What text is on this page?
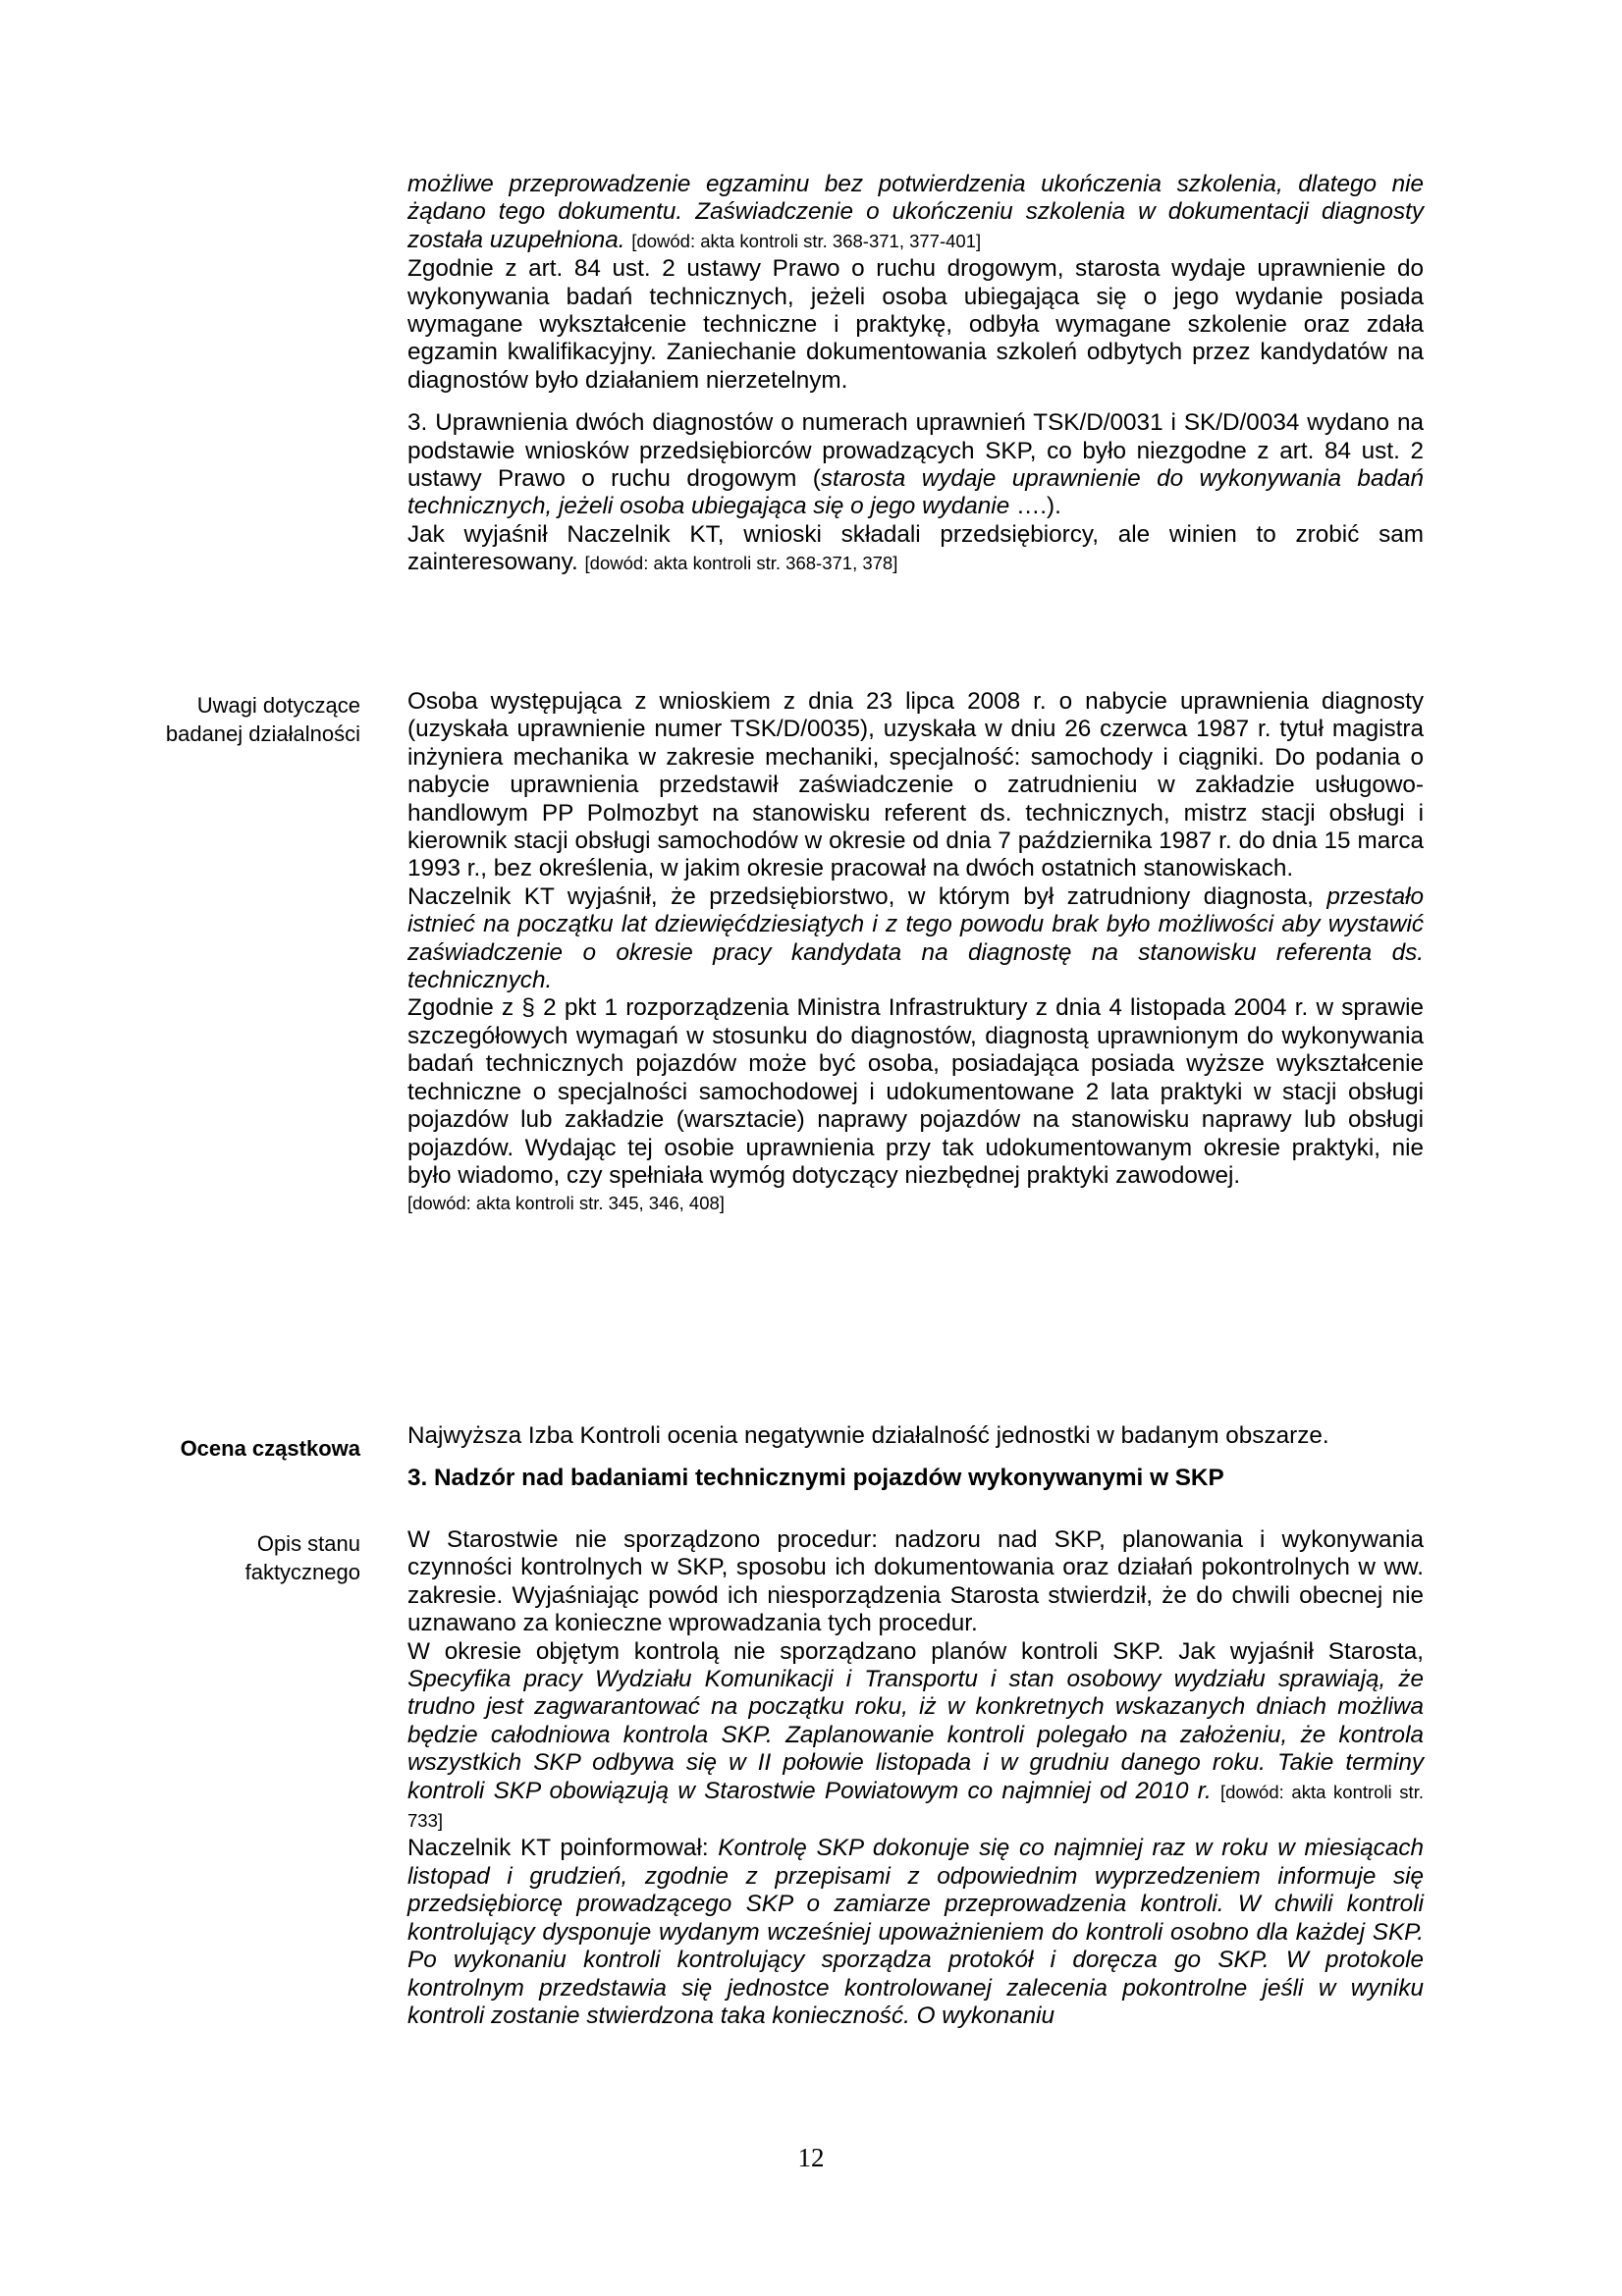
możliwe przeprowadzenie egzaminu bez potwierdzenia ukończenia szkolenia, dlatego nie żądano tego dokumentu. Zaświadczenie o ukończeniu szkolenia w dokumentacji diagnosty została uzupełniona. [dowód: akta kontroli str. 368-371, 377-401]

Zgodnie z art. 84 ust. 2 ustawy Prawo o ruchu drogowym, starosta wydaje uprawnienie do wykonywania badań technicznych, jeżeli osoba ubiegająca się o jego wydanie posiada wymagane wykształcenie techniczne i praktykę, odbyła wymagane szkolenie oraz zdała egzamin kwalifikacyjny. Zaniechanie dokumentowania szkoleń odbytych przez kandydatów na diagnostów było działaniem nierzetelnym.

3. Uprawnienia dwóch diagnostów o numerach uprawnień TSK/D/0031 i SK/D/0034 wydano na podstawie wniosków przedsiębiorców prowadzących SKP, co było niezgodne z art. 84 ust. 2 ustawy Prawo o ruchu drogowym (starosta wydaje uprawnienie do wykonywania badań technicznych, jeżeli osoba ubiegająca się o jego wydanie ….).

Jak wyjaśnił Naczelnik KT, wnioski składali przedsiębiorcy, ale winien to zrobić sam zainteresowany. [dowód: akta kontroli str. 368-371, 378]

Uwagi dotyczące
badanej działalności

Osoba występująca z wnioskiem z dnia 23 lipca 2008 r. o nabycie uprawnienia diagnosty (uzyskała uprawnienie numer TSK/D/0035), uzyskała w dniu 26 czerwca 1987 r. tytuł magistra inżyniera mechanika w zakresie mechaniki, specjalność: samochody i ciągniki. Do podania o nabycie uprawnienia przedstawił zaświadczenie o zatrudnieniu w zakładzie usługowo-handlowym PP Polmozbyt na stanowisku referent ds. technicznych, mistrz stacji obsługi i kierownik stacji obsługi samochodów w okresie od dnia 7 października 1987 r. do dnia 15 marca 1993 r., bez określenia, w jakim okresie pracował na dwóch ostatnich stanowiskach.

Naczelnik KT wyjaśnił, że przedsiębiorstwo, w którym był zatrudniony diagnosta, przestało istnieć na początku lat dziewięćdziesiątych i z tego powodu brak było możliwości aby wystawić zaświadczenie o okresie pracy kandydata na diagnostę na stanowisku referenta ds. technicznych.

Zgodnie z § 2 pkt 1 rozporządzenia Ministra Infrastruktury z dnia 4 listopada 2004 r. w sprawie szczegółowych wymagań w stosunku do diagnostów, diagnostą uprawnionym do wykonywania badań technicznych pojazdów może być osoba, posiadająca posiada wyższe wykształcenie techniczne o specjalności samochodowej i udokumentowane 2 lata praktyki w stacji obsługi pojazdów lub zakładzie (warsztacie) naprawy pojazdów na stanowisku naprawy lub obsługi pojazdów. Wydając tej osobie uprawnienia przy tak udokumentowanym okresie praktyki, nie było wiadomo, czy spełniała wymóg dotyczący niezbędnej praktyki zawodowej.

[dowód: akta kontroli str. 345, 346, 408]

Ocena cząstkowa Najwyższa Izba Kontroli ocenia negatywnie działalność jednostki w badanym obszarze.

3. Nadzór nad badaniami technicznymi pojazdów wykonywanymi w SKP

Opis stanu
faktycznego

W Starostwie nie sporządzono procedur: nadzoru nad SKP, planowania i wykonywania czynności kontrolnych w SKP, sposobu ich dokumentowania oraz działań pokontrolnych w ww. zakresie. Wyjaśniając powód ich niesporządzenia Starosta stwierdził, że do chwili obecnej nie uznawano za konieczne wprowadzania tych procedur.

W okresie objętym kontrolą nie sporządzano planów kontroli SKP. Jak wyjaśnił Starosta, Specyfika pracy Wydziału Komunikacji i Transportu i stan osobowy wydziału sprawiają, że trudno jest zagwarantować na początku roku, iż w konkretnych wskazanych dniach możliwa będzie całodniowa kontrola SKP. Zaplanowanie kontroli polegało na założeniu, że kontrola wszystkich SKP odbywa się w II połowie listopada i w grudniu danego roku. Takie terminy kontroli SKP obowiązują w Starostwie Powiatowym co najmniej od 2010 r. [dowód: akta kontroli str. 733]

Naczelnik KT poinformował: Kontrolę SKP dokonuje się co najmniej raz w roku w miesiącach listopad i grudzień, zgodnie z przepisami z odpowiednim wyprzedzeniem informuje się przedsiębiorcę prowadzącego SKP o zamiarze przeprowadzenia kontroli. W chwili kontroli kontrolujący dysponuje wydanym wcześniej upoważnieniem do kontroli osobno dla każdej SKP. Po wykonaniu kontroli kontrolujący sporządza protokół i doręcza go SKP. W protokole kontrolnym przedstawia się jednostce kontrolowanej zalecenia pokontrolne jeśli w wyniku kontroli zostanie stwierdzona taka konieczność. O wykonaniu

12
